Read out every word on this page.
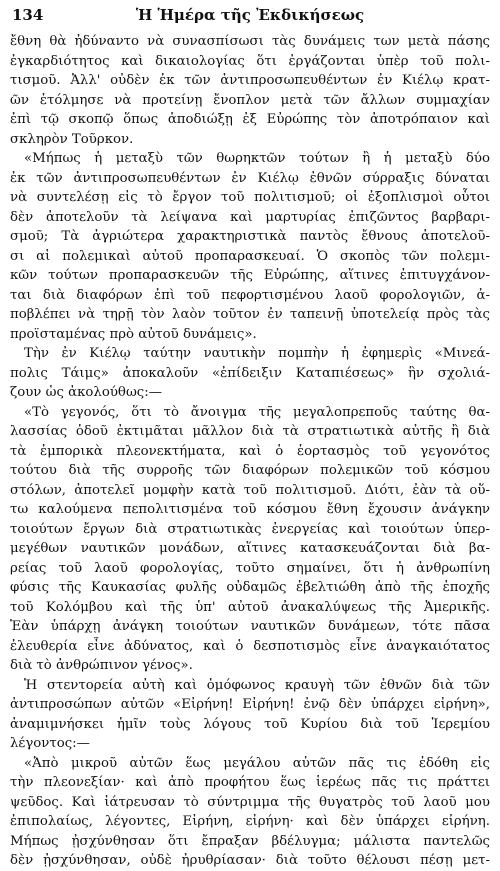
134	Ἡ Ἡμέρα τῆς Ἐκδικήσεως

ἔθνη θὰ ἠδύναντο νὰ συνασπίσωσι τὰς δυνάμεις των μετὰ πάσης
ἐγκαρδιότητος καὶ δικαιολογίας ὅτι ἐργάζονται ὑπὲρ τοῦ πολι-
τισμοῦ. Ἀλλ' οὐδὲν ἐκ τῶν ἀντιπροσωπευθέντων ἐν Κιέλῳ κρατ-
ῶν ἐτόλμησε νὰ προτείνῃ ἔνοπλον μετὰ τῶν ἄλλων συμμαχίαν
ἐπὶ τῷ σκοπῷ ὅπως ἀποδιώξῃ ἐξ Εὐρώπης τὸν ἀποτρόπαιον καὶ
σκληρὸν Τοῦρκον.

«Μήπως ἡ μεταξὺ τῶν θωρηκτῶν τούτων ἢ ἡ μεταξὺ δύο
ἐκ τῶν ἀντιπροσωπευθέντων ἐν Κιέλῳ ἐθνῶν σύρραξις δύναται
νὰ συντελέσῃ εἰς τὸ ἔργον τοῦ πολιτισμοῦ; οἱ ἐξοπλισμοὶ οὗτοι
δὲν ἀποτελοῦν τὰ λείψανα καὶ μαρτυρίας ἐπιζῶντος βαρβαρι-
σμοῦ; Τὰ ἀγριώτερα χαρακτηριστικὰ παντὸς ἔθνους ἀποτελοῦ-
σι αἱ πολεμικαὶ αὐτοῦ προπαρασκευαί. Ὁ σκοπὸς τῶν πολεμι-
κῶν τούτων προπαρασκευῶν τῆς Εὐρώπης, αἵτινες ἐπιτυγχάνον-
ται διὰ διαφόρων ἐπὶ τοῦ πεφορτισμένου λαοῦ φορολογιῶν, ἀ-
ποβλέπει νὰ τηρῇ τὸν λαὸν τοῦτον ἐν ταπεινῇ ὑποτελείᾳ πρὸς τὰς
προϊσταμένας πρὸ αὐτοῦ δυνάμεις».

Τὴν ἐν Κιέλῳ ταύτην ναυτικὴν πομπὴν ἡ ἐφημερὶς «Μινεά-
πολις Τάιμς» ἀποκαλοῦν «ἐπίδειξιν Καταπιέσεως» ἣν σχολιά-
ζουν ὡς ἀκολούθως:—

«Τὸ γεγονός, ὅτι τὸ ἄνοιγμα τῆς μεγαλοπρεποῦς ταύτης θα-
λασσίας ὁδοῦ ἐκτιμᾶται μᾶλλον διὰ τὰ στρατιωτικὰ αὐτῆς ἢ διὰ
τὰ ἐμπορικὰ πλεονεκτήματα, καὶ ὁ ἑορτασμὸς τοῦ γεγονότος
τούτου διὰ τῆς συρροῆς τῶν διαφόρων πολεμικῶν τοῦ κόσμου
στόλων, ἀποτελεῖ μομφὴν κατὰ τοῦ πολιτισμοῦ. Διότι, ἐὰν τὰ οὕ-
τω καλούμενα πεπολιτισμένα τοῦ κόσμου ἔθνη ἔχουσιν ἀνάγκην
τοιούτων ἔργων διὰ στρατιωτικὰς ἐνεργείας καὶ τοιούτων ὑπερ-
μεγέθων ναυτικῶν μονάδων, αἵτινες κατασκευάζονται διὰ βα-
ρείας τοῦ λαοῦ φορολογίας, τοῦτο σημαίνει, ὅτι ἡ ἀνθρωπίνη
φύσις τῆς Καυκασίας φυλῆς οὐδαμῶς ἐβελτιώθη ἀπὸ τῆς ἐποχῆς
τοῦ Κολόμβου καὶ τῆς ὑπ' αὐτοῦ ἀνακαλύψεως τῆς Ἀμερικῆς.
Ἐὰν ὑπάρχῃ ἀνάγκη τοιούτων ναυτικῶν δυνάμεων, τότε πᾶσα
ἐλευθερία εἶνε ἀδύνατος, καὶ ὁ δεσποτισμὸς εἶνε ἀναγκαιότατος
διὰ τὸ ἀνθρώπινον γένος».

Ἡ στεντορεία αὐτὴ καὶ ὁμόφωνος κραυγὴ τῶν ἐθνῶν διὰ τῶν
ἀντιπροσώπων αὐτῶν «Εἰρήνη! Εἰρήνη! ἐνῷ δὲν ὑπάρχει εἰρήνη»,
ἀναμιμνήσκει ἡμῖν τοὺς λόγους τοῦ Κυρίου διὰ τοῦ Ἱερεμίου
λέγοντος:—

«Ἀπὸ μικροῦ αὐτῶν ἕως μεγάλου αὐτῶν πᾶς τις ἐδόθη εἰς
τὴν πλεονεξίαν· καὶ ἀπὸ προφήτου ἕως ἱερέως πᾶς τις πράττει
ψεῦδος. Καὶ ἰάτρευσαν τὸ σύντριμμα τῆς θυγατρὸς τοῦ λαοῦ μου
ἐπιπολαίως, λέγοντες, Εἰρήνη, εἰρήνη· καὶ δὲν ὑπάρχει εἰρήνη.
Μήπως ᾐσχύνθησαν ὅτι ἔπραξαν βδέλυγμα; μάλιστα παντελῶς
δὲν ᾐσχύνθησαν, οὐδὲ ἠρυθρίασαν· διὰ τοῦτο θέλουσι πέσῃ μετ-
